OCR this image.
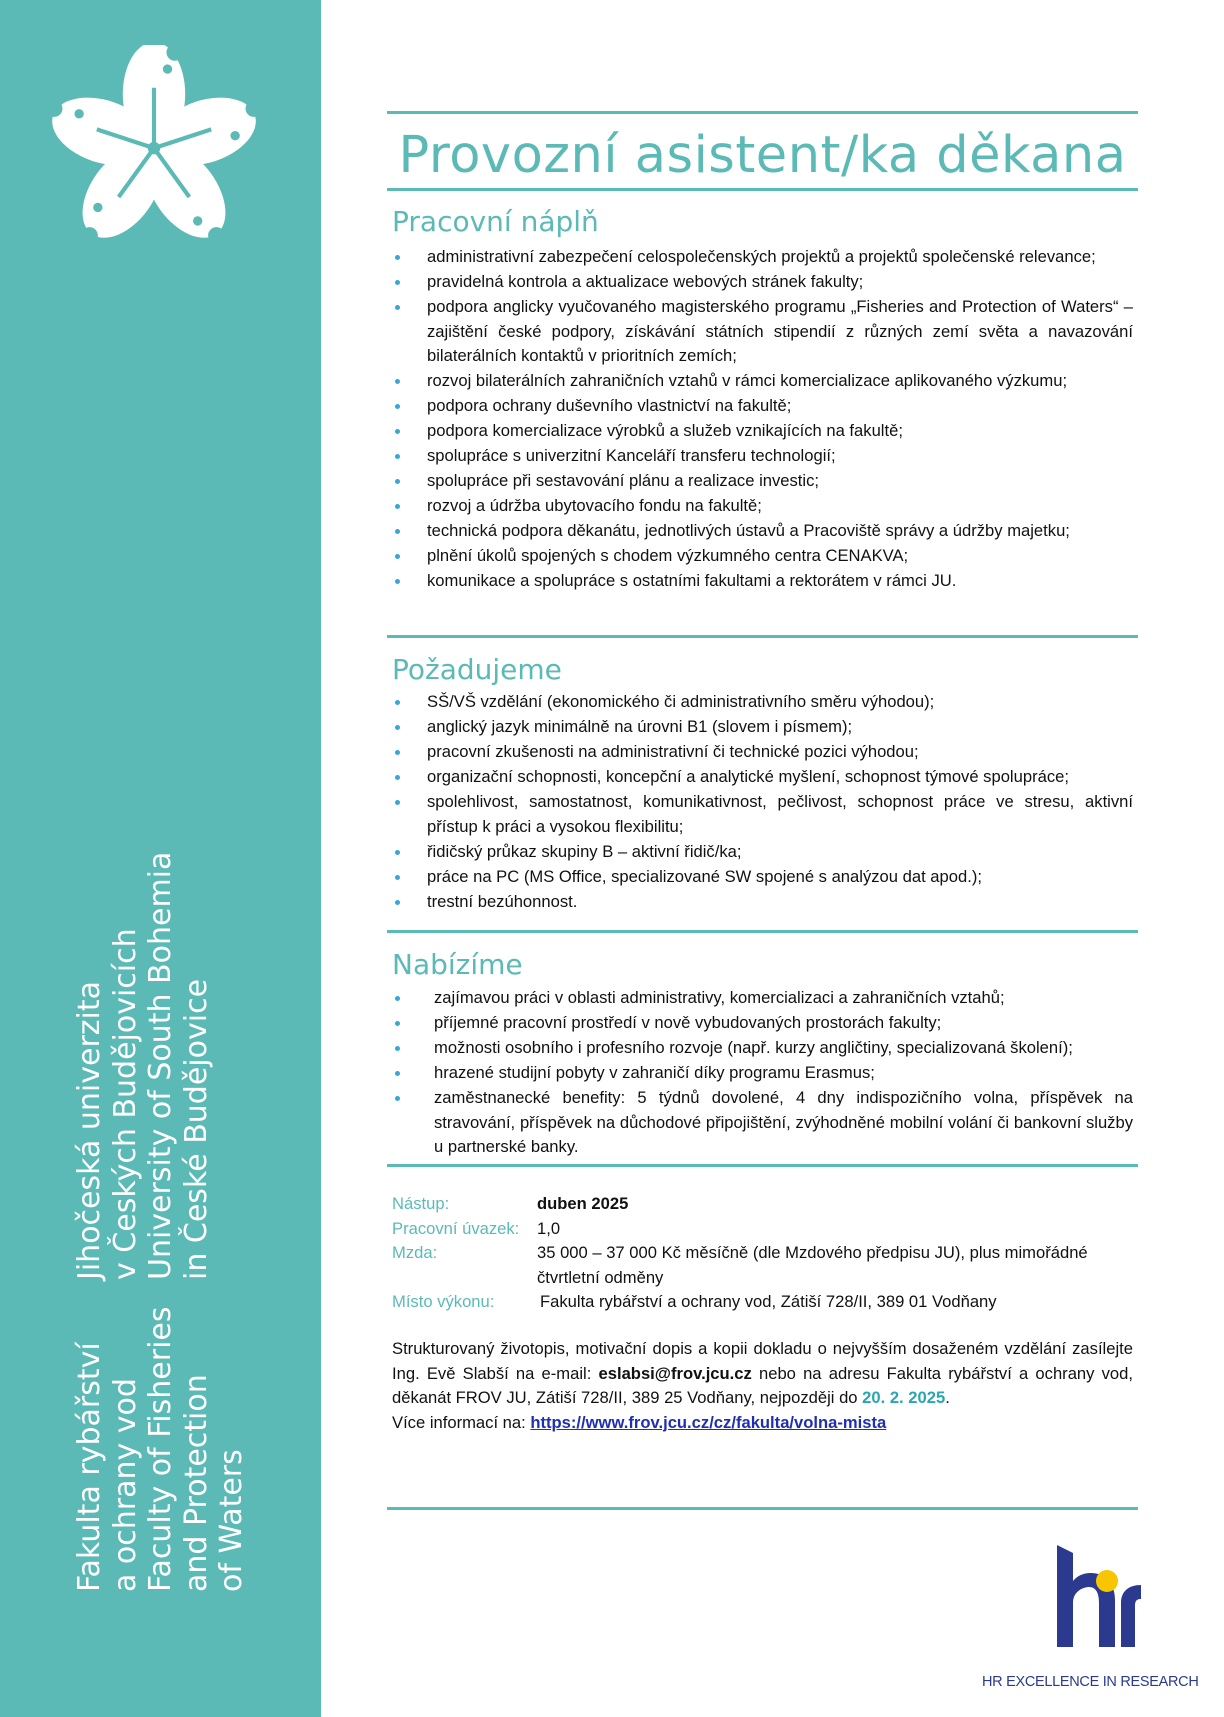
Jihočeská univerzita v Českých Budějovicích University of South Bohemia in České Budějovice
Fakulta rybářství a ochrany vod Faculty of Fisheries and Protection of Waters
Provozní asistent/ka děkana
Pracovní náplň
administrativní zabezpečení celospolečenských projektů a projektů společenské relevance;
pravidelná kontrola a aktualizace webových stránek fakulty;
podpora anglicky vyučovaného magisterského programu „Fisheries and Protection of Waters“ – zajištění české podpory, získávání státních stipendií z různých zemí světa a navazování bilaterálních kontaktů v prioritních zemích;
rozvoj bilaterálních zahraničních vztahů v rámci komercializace aplikovaného výzkumu;
podpora ochrany duševního vlastnictví na fakultě;
podpora komercializace výrobků a služeb vznikajících na fakultě;
spolupráce s univerzitní Kanceláří transferu technologií;
spolupráce při sestavování plánu a realizace investic;
rozvoj a údržba ubytovacího fondu na fakultě;
technická podpora děkanátu, jednotlivých ústavů a Pracoviště správy a údržby majetku;
plnění úkolů spojených s chodem výzkumného centra CENAKVA;
komunikace a spolupráce s ostatními fakultami a rektorátem v rámci JU.
Požadujeme
SŠ/VŠ vzdělání (ekonomického či administrativního směru výhodou);
anglický jazyk minimálně na úrovni B1 (slovem i písmem);
pracovní zkušenosti na administrativní či technické pozici výhodou;
organizační schopnosti, koncepční a analytické myšlení, schopnost týmové spolupráce;
spolehlivost, samostatnost, komunikativnost, pečlivost, schopnost práce ve stresu, aktivní přístup k práci a vysokou flexibilitu;
řidičský průkaz skupiny B – aktivní řidič/ka;
práce na PC (MS Office, specializované SW spojené s analýzou dat apod.);
trestní bezúhonnost.
Nabízíme
zajímavou práci v oblasti administrativy, komercializaci a zahraničních vztahů;
příjemné pracovní prostředí v nově vybudovaných prostorách fakulty;
možnosti osobního i profesního rozvoje (např. kurzy angličtiny, specializovaná školení);
hrazené studijní pobyty v zahraničí díky programu Erasmus;
zaměstnanecké benefity: 5 týdnů dovolené, 4 dny indispozičního volna, příspěvek na stravování, příspěvek na důchodové připojištění, zvýhodněné mobilní volání či bankovní služby u partnerské banky.
Nástup:	duben 2025
Pracovní úvazek: 1,0
Mzda:	35 000 – 37 000 Kč měsíčně (dle Mzdového předpisu JU), plus mimořádné čtvrtletní odměny
Místo výkonu:	Fakulta rybářství a ochrany vod, Zátiší 728/II, 389 01 Vodňany
Strukturovaný životopis, motivační dopis a kopii dokladu o nejvyšším dosaženém vzdělání zasílejte Ing. Evě Slabší na e-mail: eslabsi@frov.jcu.cz nebo na adresu Fakulta rybářství a ochrany vod, děkanát FROV JU, Zátiší 728/II, 389 25 Vodňany, nejpozději do 20. 2. 2025.
Více informací na: https://www.frov.jcu.cz/cz/fakulta/volna-mista
HR EXCELLENCE IN RESEARCH
